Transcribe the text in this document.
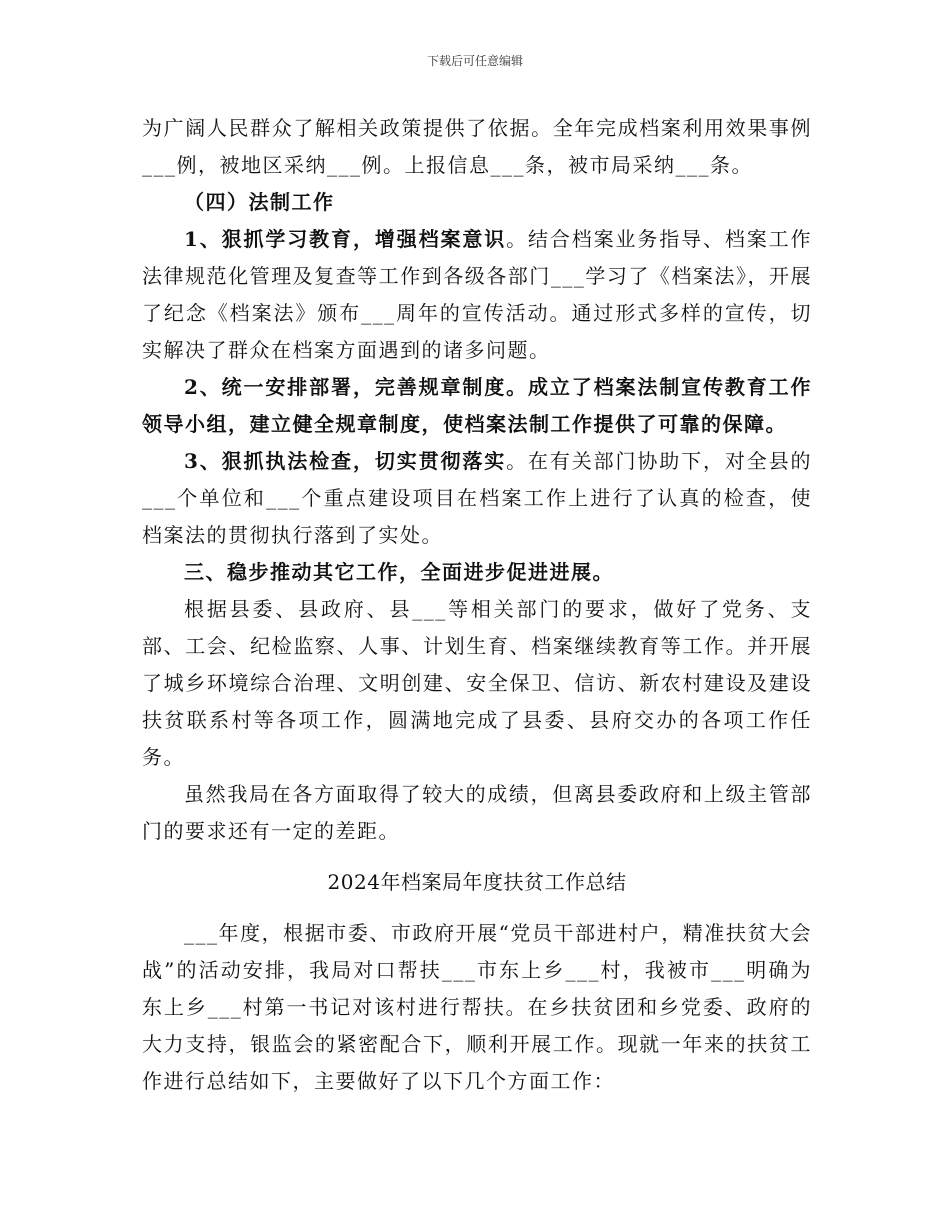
下载后可任意编辑

为广阔人民群众了解相关政策提供了依据。全年完成档案利用效果事例___例，被地区采纳___例。上报信息___条，被市局采纳___条。

（四）法制工作

1、狠抓学习教育，增强档案意识。结合档案业务指导、档案工作法律规范化管理及复查等工作到各级各部门___学习了《档案法》，开展了纪念《档案法》颁布___周年的宣传活动。通过形式多样的宣传，切实解决了群众在档案方面遇到的诸多问题。

2、统一安排部署，完善规章制度。成立了档案法制宣传教育工作领导小组，建立健全规章制度，使档案法制工作提供了可靠的保障。

3、狠抓执法检查，切实贯彻落实。在有关部门协助下，对全县的___个单位和___个重点建设项目在档案工作上进行了认真的检查，使档案法的贯彻执行落到了实处。

三、稳步推动其它工作，全面进步促进进展。

根据县委、县政府、县___等相关部门的要求，做好了党务、支部、工会、纪检监察、人事、计划生育、档案继续教育等工作。并开展了城乡环境综合治理、文明创建、安全保卫、信访、新农村建设及建设扶贫联系村等各项工作，圆满地完成了县委、县府交办的各项工作任务。

虽然我局在各方面取得了较大的成绩，但离县委政府和上级主管部门的要求还有一定的差距。

2024年档案局年度扶贫工作总结

___年度，根据市委、市政府开展“党员干部进村户，精准扶贫大会战”的活动安排，我局对口帮扶___市东上乡___村，我被市___明确为东上乡___村第一书记对该村进行帮扶。在乡扶贫团和乡党委、政府的大力支持，银监会的紧密配合下，顺利开展工作。现就一年来的扶贫工作进行总结如下，主要做好了以下几个方面工作：
